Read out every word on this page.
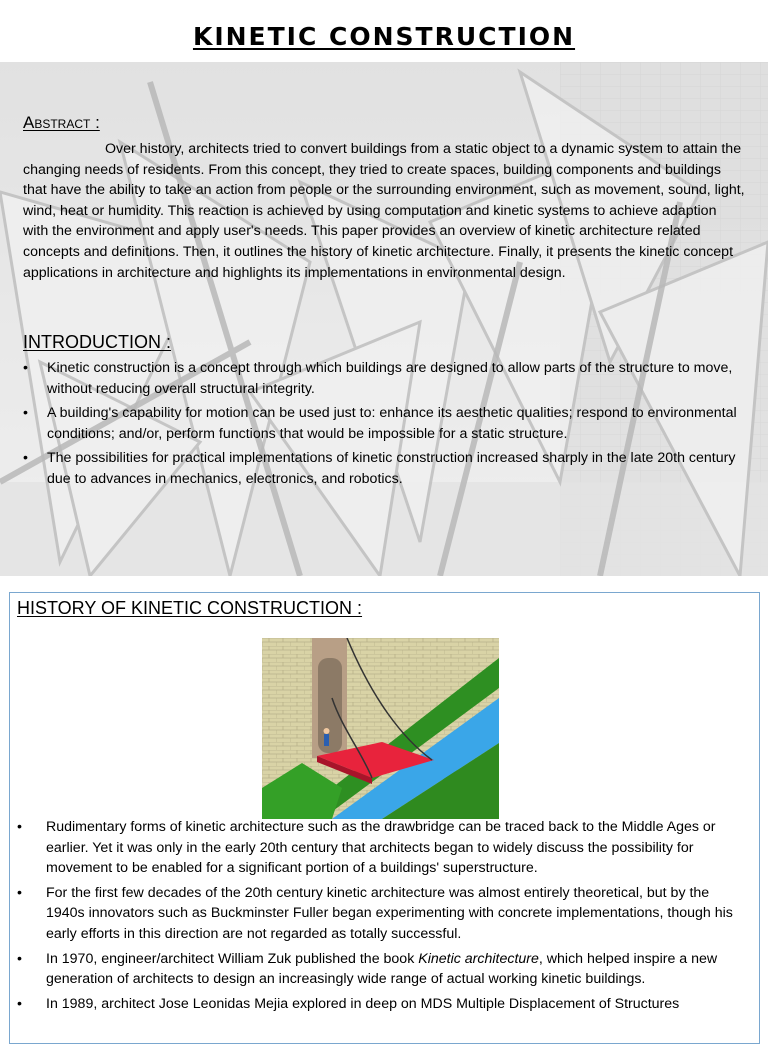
KINETIC CONSTRUCTION
Abstract :
Over history, architects tried to convert buildings from a static object to a dynamic system to attain the changing needs of residents. From this concept, they tried to create spaces, building components and buildings that have the ability to take an action from people or the surrounding environment, such as movement, sound, light, wind, heat or humidity. This reaction is achieved by using computation and kinetic systems to achieve adaption with the environment and apply user's needs. This paper provides an overview of kinetic architecture related concepts and definitions. Then, it outlines the history of kinetic architecture. Finally, it presents the kinetic concept applications in architecture and highlights its implementations in environmental design.
INTRODUCTION :
• Kinetic construction is a concept through which buildings are designed to allow parts of the structure to move, without reducing overall structural integrity.
• A building's capability for motion can be used just to: enhance its aesthetic qualities; respond to environmental conditions; and/or, perform functions that would be impossible for a static structure.
• The possibilities for practical implementations of kinetic construction increased sharply in the late 20th century due to advances in mechanics, electronics, and robotics.
HISTORY OF KINETIC CONSTRUCTION :
• Rudimentary forms of kinetic architecture such as the drawbridge can be traced back to the Middle Ages or earlier. Yet it was only in the early 20th century that architects began to widely discuss the possibility for movement to be enabled for a significant portion of a buildings' superstructure.
• For the first few decades of the 20th century kinetic architecture was almost entirely theoretical, but by the 1940s innovators such as Buckminster Fuller began experimenting with concrete implementations, though his early efforts in this direction are not regarded as totally successful.
• In 1970, engineer/architect William Zuk published the book Kinetic architecture, which helped inspire a new generation of architects to design an increasingly wide range of actual working kinetic buildings.
• In 1989, architect Jose Leonidas Mejia explored in deep on MDS Multiple Displacement of Structures
